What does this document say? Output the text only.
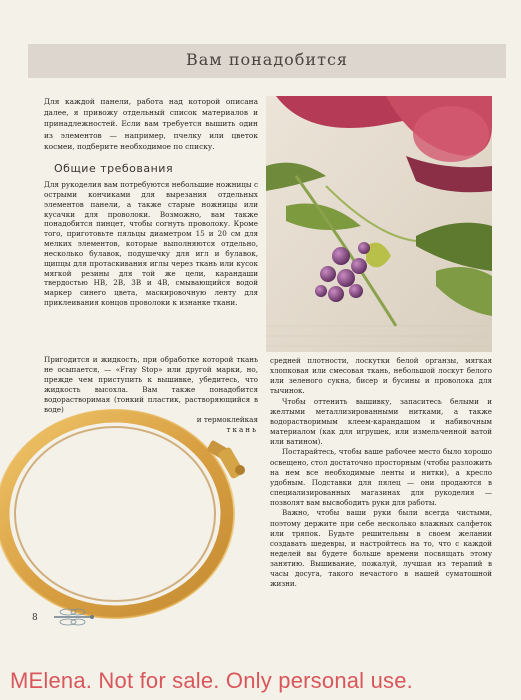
Вам понадобится
Для каждой панели, работа над которой описана далее, я привожу отдельный список материалов и принадлежностей. Если вам требуется вышить один из элементов — например, пчелку или цветок космеи, подберите необходимое по списку.
Общие требования

Для рукоделия вам потребуются небольшие ножницы с острыми кончиками для вырезания отдельных элементов панели, а также старые ножницы или кусачки для проволоки. Возможно, вам также понадобится пинцет, чтобы согнуть проволоку. Кроме того, приготовьте пяльцы диаметром 15 и 20 см для мелких элементов, которые выполняются отдельно, несколько булавок, подушечку для игл и булавок, щипцы для протаскивания иглы через ткань или кусок мягкой резины для той же цели, карандаши твердостью HB, 2B, 3B и 4B, смывающийся водой маркер синего цвета, маскировочную ленту для приклеивания концов проволоки к изнанке ткани.

Пригодится и жидкость, при обработке которой ткань не осыпается, — «Fray Stop» или другой марки, но, прежде чем приступить к вышивке, убедитесь, что жидкость высохла. Вам также понадобится водорастворимая (тонкий пластик, растворяющийся в воде)

и термоклейкая

ткань

средней плотности, лоскутки белой органзы, мягкая хлопковая или смесовая ткань, небольшой лоскут белого или зеленого сукна, бисер и бусины и проволока для тычинок.

Чтобы оттенить вышивку, запаситесь белыми и желтыми металлизированными нитками, а также водорастворимым клеем-карандашом и набивочным материалом (как для игрушек, или измельченной ватой или ватином).

Постарайтесь, чтобы ваше рабочее место было хорошо освещено, стол достаточно просторным (чтобы разложить на нем все необходимые ленты и нитки), а кресло удобным. Подставки для пялец — они продаются в специализированных магазинах для рукоделия — позволят вам высвободить руки для работы.

Важно, чтобы ваши руки были всегда чистыми, поэтому держите при себе несколько влажных салфеток или тряпок. Будьте решительны в своем желании создавать шедевры, и настройтесь на то, что с каждой неделей вы будете больше времени посвящать этому занятию. Вышивание, пожалуй, лучшая из терапий в часы досуга, такого нечастого в нашей суматошной жизни.

8
MElena. Not for sale. Only personal use.
